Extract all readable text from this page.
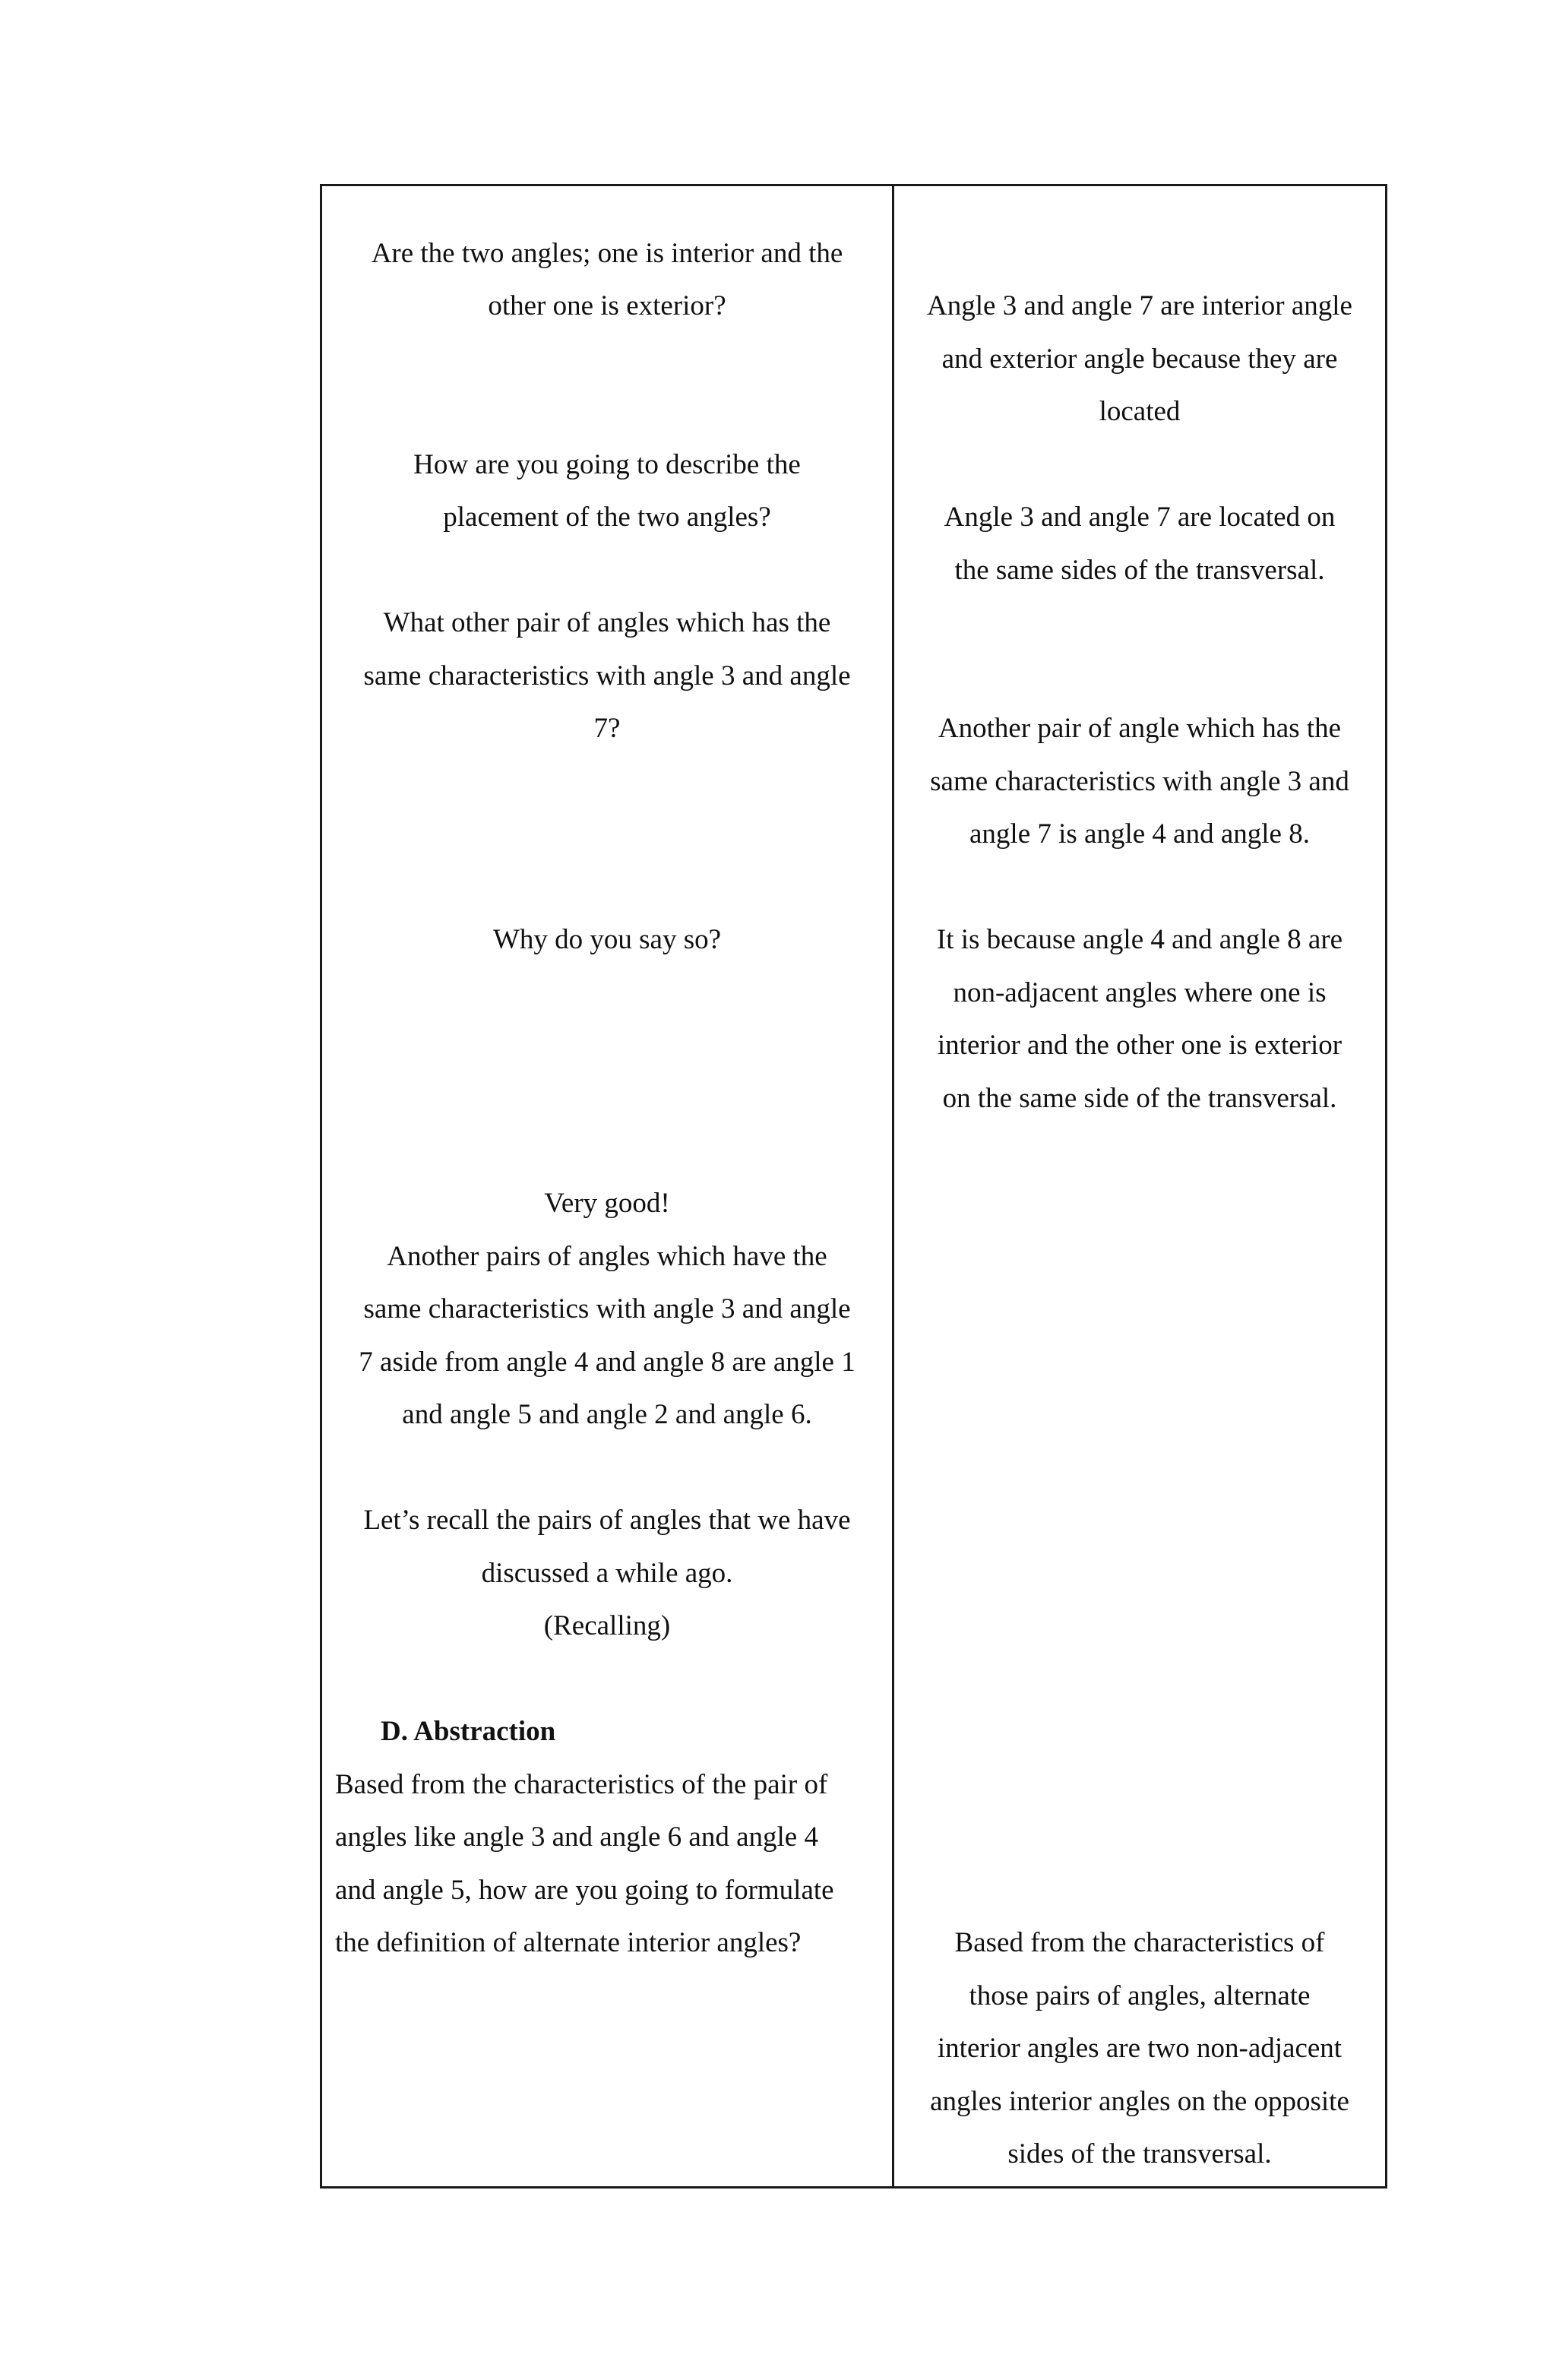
Are the two angles; one is interior and the

other one is exterior?

How are you going to describe the

placement of the two angles?

What other pair of angles which has the

same characteristics with angle 3 and angle

7?

Why do you say so?

Very good!

Another pairs of angles which have the

same characteristics with angle 3 and angle

7 aside from angle 4 and angle 8 are angle 1

and angle 5 and angle 2 and angle 6.

Let’s recall the pairs of angles that we have

discussed a while ago.

(Recalling)

D. Abstraction

Based from the characteristics of the pair of

angles like angle 3 and angle 6 and angle 4

and angle 5, how are you going to formulate

the definition of alternate interior angles?

Angle 3 and angle 7 are interior angle

and exterior angle because they are

located

Angle 3 and angle 7 are located on

the same sides of the transversal.

Another pair of angle which has the

same characteristics with angle 3 and

angle 7 is angle 4 and angle 8.

It is because angle 4 and angle 8 are

non-adjacent angles where one is

interior and the other one is exterior

on the same side of the transversal.

Based from the characteristics of

those pairs of angles, alternate

interior angles are two non-adjacent

angles interior angles on the opposite

sides of the transversal.
